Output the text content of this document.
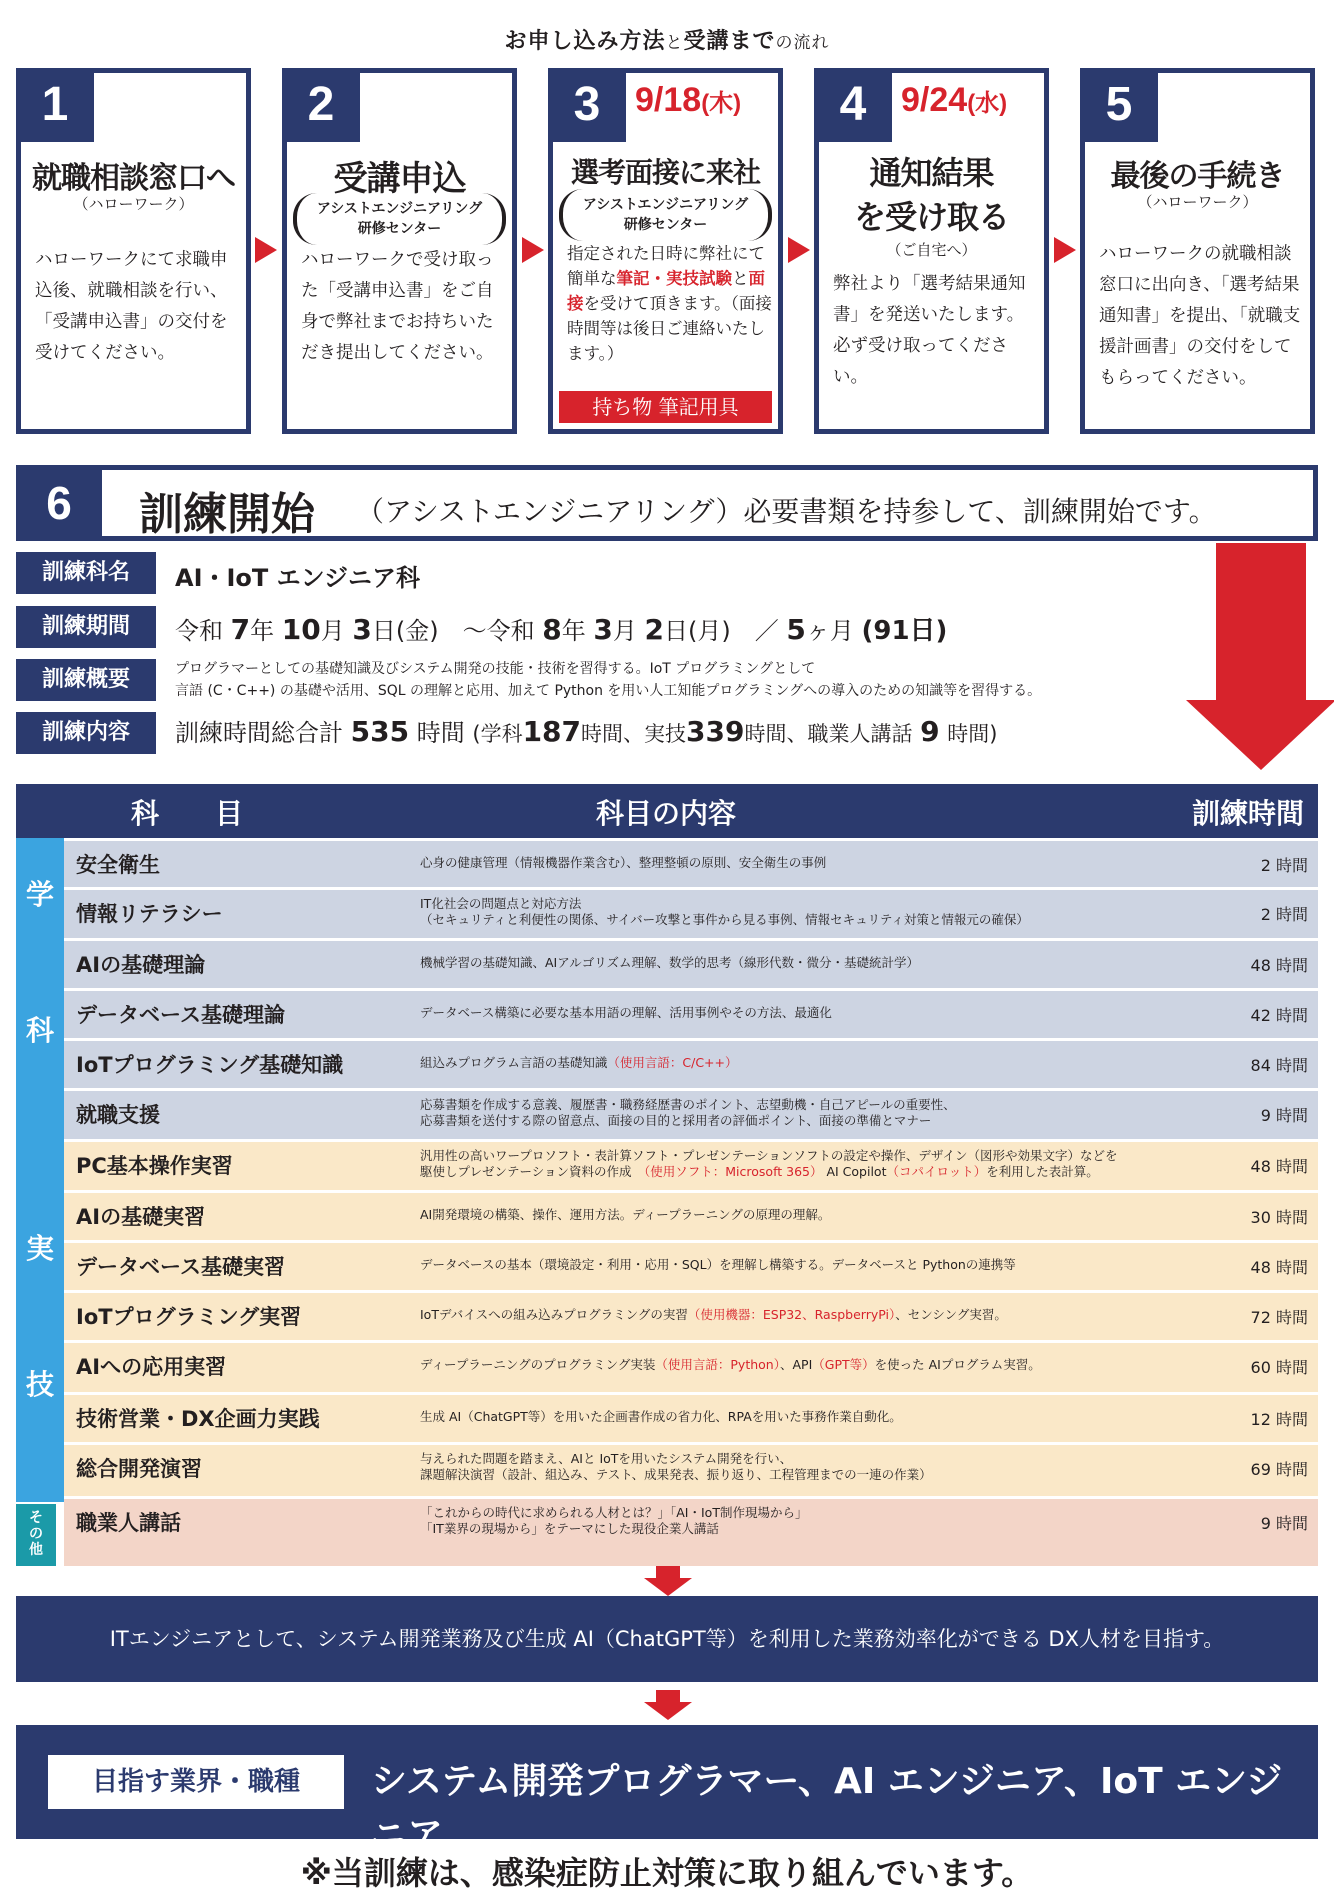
お申し込み方法と受講までの流れ
1
就職相談窓口へ
（ハローワーク）
ハローワークにて求職申込後、就職相談を行い、「受講申込書」の交付を受けてください。
2
受講申込
アシストエンジニアリング
研修センター
ハローワークで受け取った「受講申込書」をご自身で弊社までお持ちいただき提出してください。
3	9/18(木)
選考面接に来社
アシストエンジニアリング
研修センター
指定された日時に弊社にて簡単な筆記・実技試験と面接を受けて頂きます。（面接時間等は後日ご連絡いたします。）
持ち物 筆記用具
4	9/24(水)
通知結果
を受け取る
（ご自宅へ）
弊社より「選考結果通知書」を発送いたします。必ず受け取ってください。
5
最後の手続き
（ハローワーク）
ハローワークの就職相談窓口に出向き、「選考結果通知書」を提出、「就職支援計画書」の交付をしてもらってください。
6	訓練開始 （アシストエンジニアリング）必要書類を持参して、訓練開始です。
訓練科名	AI・IoT エンジニア科
訓練期間	令和 7年 10月 3日(金)　〜令和 8年 3月 2日(月)　／ 5ヶ月 (91日)
訓練概要	プログラマーとしての基礎知識及びシステム開発の技能・技術を習得する。IoT プログラミングとして
言語 (C・C++) の基礎や活用、SQL の理解と応用、加えて Python を用い人工知能プログラミングへの導入のための知識等を習得する。
訓練内容	訓練時間総合計 535 時間 (学科187時間、実技339時間、職業人講話 9 時間)
科　　目	科目の内容	訓練時間
学

科
実

技
その他
安全衛生	心身の健康管理（情報機器作業含む）、整理整頓の原則、安全衛生の事例	2 時間
情報リテラシー	IT化社会の問題点と対応方法
（セキュリティと利便性の関係、サイバー攻撃と事件から見る事例、情報セキュリティ対策と情報元の確保）	2 時間
AIの基礎理論	機械学習の基礎知識、AIアルゴリズム理解、数学的思考（線形代数・微分・基礎統計学）	48 時間
データベース基礎理論	データベース構築に必要な基本用語の理解、活用事例やその方法、最適化	42 時間
IoTプログラミング基礎知識	組込みプログラム言語の基礎知識（使用言語：C/C++）	84 時間
就職支援	応募書類を作成する意義、履歴書・職務経歴書のポイント、志望動機・自己アピールの重要性、
応募書類を送付する際の留意点、面接の目的と採用者の評価ポイント、面接の準備とマナー	9 時間
PC基本操作実習	汎用性の高いワープロソフト・表計算ソフト・プレゼンテーションソフトの設定や操作、デザイン（図形や効果文字）などを
駆使しプレゼンテーション資料の作成　（使用ソフト：Microsoft 365） AI Copilot（コパイロット）を利用した表計算。	48 時間
AIの基礎実習	AI開発環境の構築、操作、運用方法。ディープラーニングの原理の理解。	30 時間
データベース基礎実習	データベースの基本（環境設定・利用・応用・SQL）を理解し構築する。データベースと Pythonの連携等	48 時間
IoTプログラミング実習	IoTデバイスへの組み込みプログラミングの実習（使用機器：ESP32、RaspberryPi）、センシング実習。	72 時間
AIへの応用実習	ディープラーニングのプログラミング実装（使用言語：Python）、API（GPT等）を使った AIプログラム実習。	60 時間
技術営業・DX企画力実践	生成 AI（ChatGPT等）を用いた企画書作成の省力化、RPAを用いた事務作業自動化。	12 時間
総合開発演習	与えられた問題を踏まえ、AIと IoTを用いたシステム開発を行い、
課題解決演習（設計、組込み、テスト、成果発表、振り返り、工程管理までの一連の作業）	69 時間
職業人講話	「これからの時代に求められる人材とは？」「AI・IoT制作現場から」
「IT業界の現場から」をテーマにした現役企業人講話	9 時間
ITエンジニアとして、システム開発業務及び生成 AI（ChatGPT等）を利用した業務効率化ができる DX人材を目指す。
目指す業界・職種	システム開発プログラマー、AI エンジニア、IoT エンジニア
※当訓練は、感染症防止対策に取り組んでいます。
